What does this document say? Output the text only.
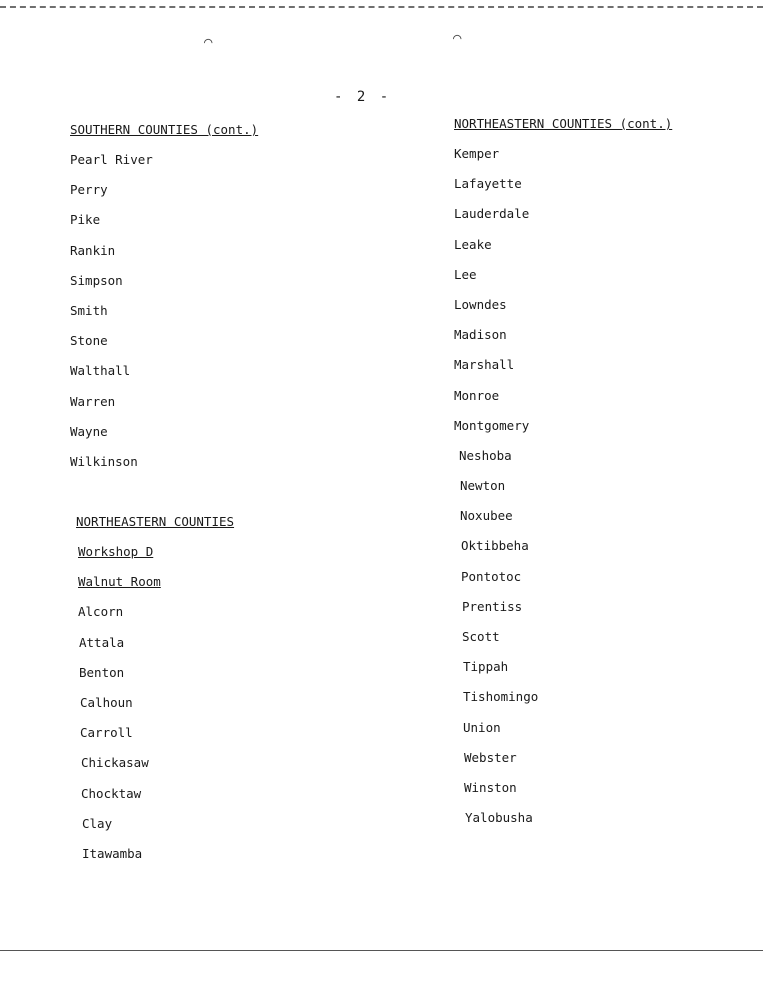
⌒	⌒
- 2 -
SOUTHERN COUNTIES (cont.)
Pearl River
Perry
Pike
Rankin
Simpson
Smith
Stone
Walthall
Warren
Wayne
Wilkinson
NORTHEASTERN COUNTIES
Workshop D
Walnut Room
Alcorn
Attala
Benton
Calhoun
Carroll
Chickasaw
Chocktaw
Clay
Itawamba
NORTHEASTERN COUNTIES (cont.)
Kemper
Lafayette
Lauderdale
Leake
Lee
Lowndes
Madison
Marshall
Monroe
Montgomery
Neshoba
Newton
Noxubee
Oktibbeha
Pontotoc
Prentiss
Scott
Tippah
Tishomingo
Union
Webster
Winston
Yalobusha
